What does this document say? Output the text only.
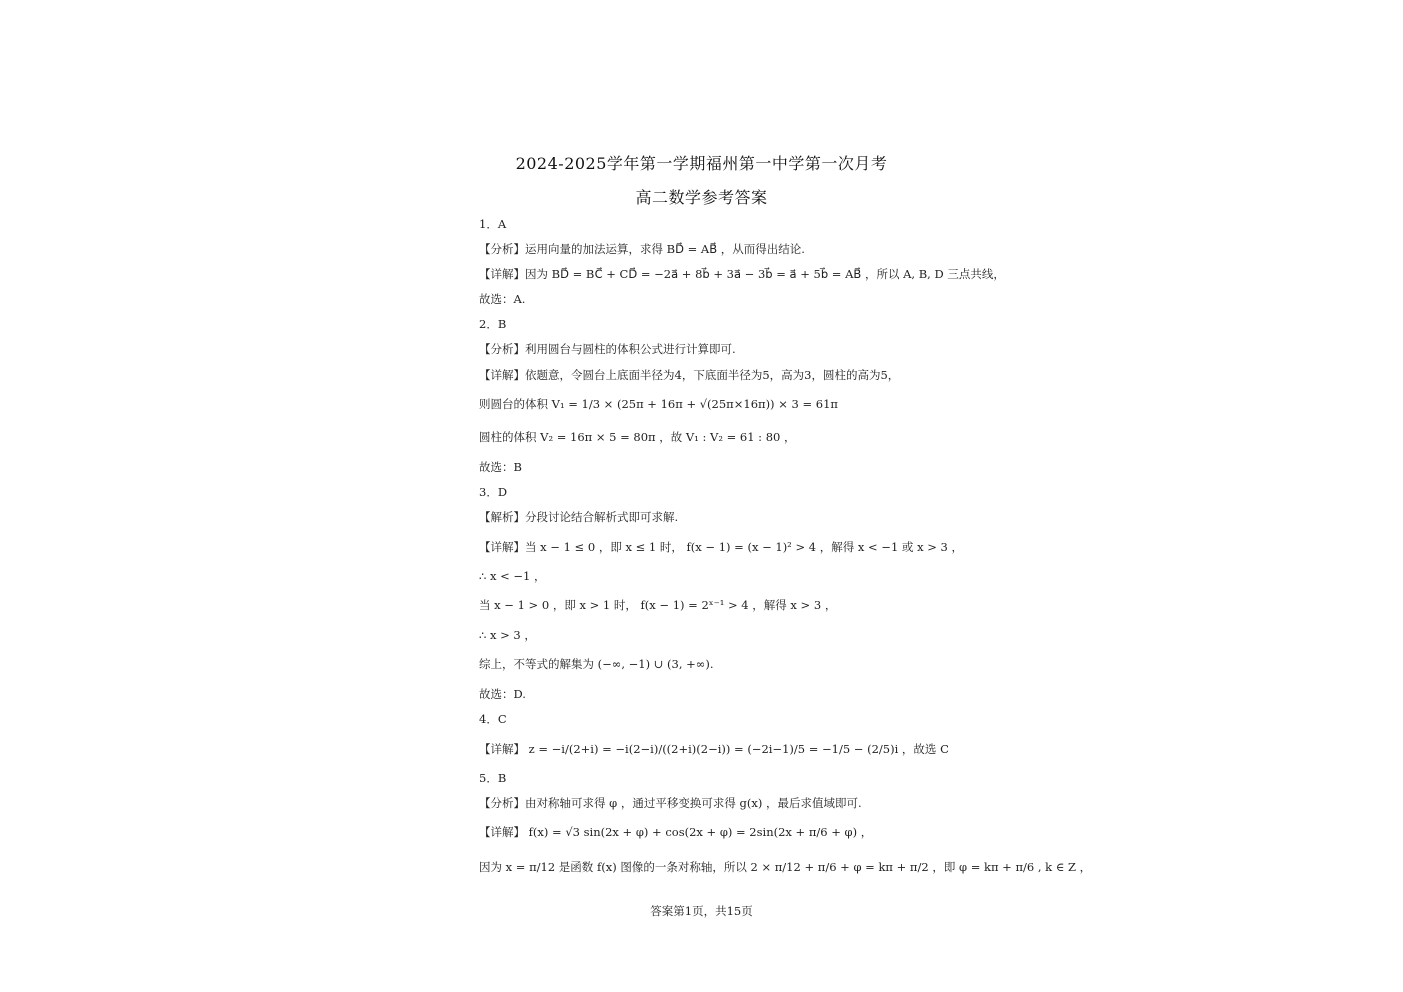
2024-2025学年第一学期福州第一中学第一次月考
高二数学参考答案
1．A
【分析】运用向量的加法运算，求得 BD⃗ = AB⃗ ，从而得出结论.
【详解】因为 BD⃗ = BC⃗ + CD⃗ = −2a⃗ + 8b⃗ + 3a⃗ − 3b⃗ = a⃗ + 5b⃗ = AB⃗ ，所以 A, B, D 三点共线，
故选：A.
2．B
【分析】利用圆台与圆柱的体积公式进行计算即可.
【详解】依题意，令圆台上底面半径为4，下底面半径为5，高为3，圆柱的高为5，
则圆台的体积 V₁ = 1/3 × (25π + 16π + √(25π×16π)) × 3 = 61π
圆柱的体积 V₂ = 16π × 5 = 80π ，故 V₁ : V₂ = 61 : 80 ，
故选：B
3．D
【解析】分段讨论结合解析式即可求解.
【详解】当 x − 1 ≤ 0 ，即 x ≤ 1 时， f(x − 1) = (x − 1)² > 4 ，解得 x < −1 或 x > 3 ，
∴ x < −1 ，
当 x − 1 > 0 ，即 x > 1 时， f(x − 1) = 2ˣ⁻¹ > 4 ，解得 x > 3 ，
∴ x > 3 ，
综上，不等式的解集为 (−∞, −1) ∪ (3, +∞).
故选：D.
4．C
【详解】 z = −i/(2+i) = −i(2−i)/((2+i)(2−i)) = (−2i−1)/5 = −1/5 − (2/5)i ，故选 C
5．B
【分析】由对称轴可求得 φ ，通过平移变换可求得 g(x) ，最后求值域即可.
【详解】 f(x) = √3 sin(2x + φ) + cos(2x + φ) = 2sin(2x + π/6 + φ) ，
因为 x = π/12 是函数 f(x) 图像的一条对称轴，所以 2 × π/12 + π/6 + φ = kπ + π/2 ，即 φ = kπ + π/6 , k ∈ Z ，
答案第1页，共15页
